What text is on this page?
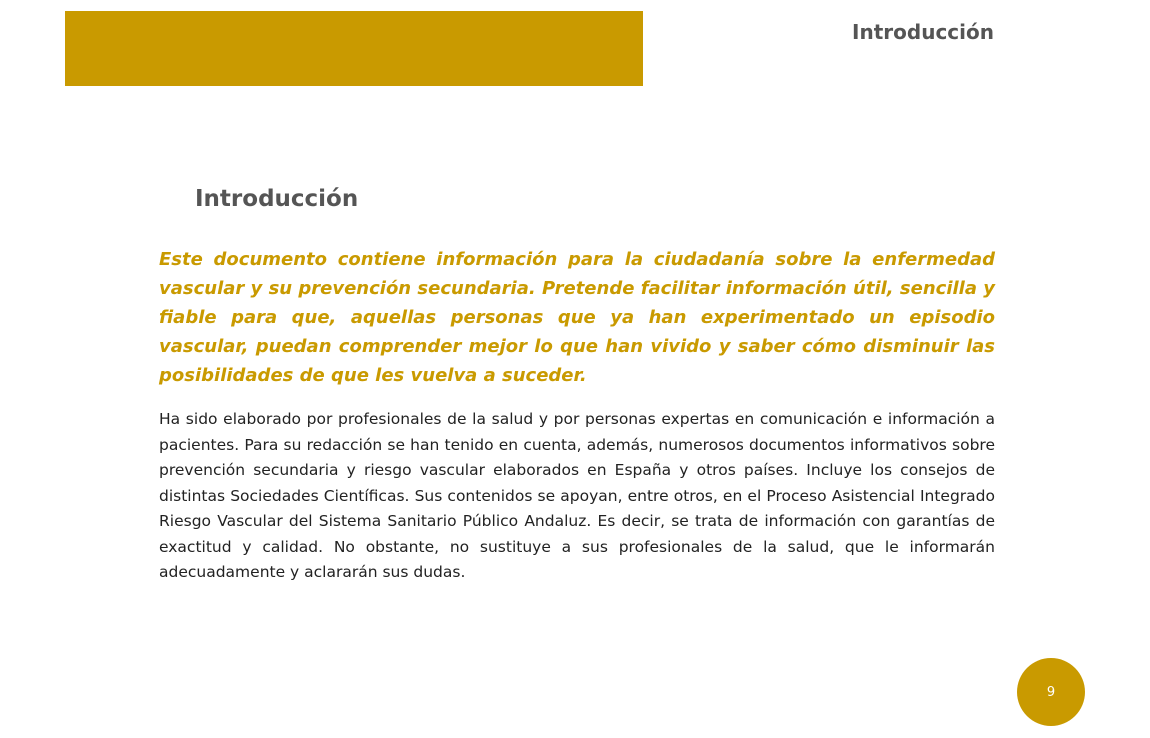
Introducción
Introducción

Este documento contiene información para la ciudadanía sobre la enfermedad vascular y su prevención secundaria. Pretende facilitar información útil, sencilla y fiable para que, aquellas personas que ya han experimentado un episodio vascular, puedan comprender mejor lo que han vivido y saber cómo disminuir las posibilidades de que les vuelva a suceder.

Ha sido elaborado por profesionales de la salud y por personas expertas en comunicación e información a pacientes. Para su redacción se han tenido en cuenta, además, numerosos documentos informativos sobre prevención secundaria y riesgo vascular elaborados en España y otros países. Incluye los consejos de distintas Sociedades Científicas. Sus contenidos se apoyan, entre otros, en el Proceso Asistencial Integrado Riesgo Vascular del Sistema Sanitario Público Andaluz. Es decir, se trata de información con garantías de exactitud y calidad. No obstante, no sustituye a sus profesionales de la salud, que le informarán adecuadamente y aclararán sus dudas.

9
